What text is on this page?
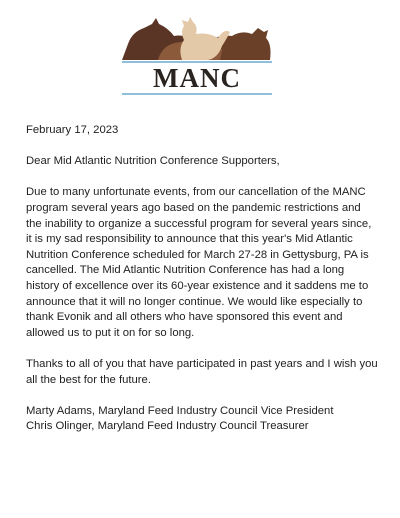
MANC

February 17, 2023

Dear Mid Atlantic Nutrition Conference Supporters,

Due to many unfortunate events, from our cancellation of the MANC program several years ago based on the pandemic restrictions and the inability to organize a successful program for several years since, it is my sad responsibility to announce that this year's Mid Atlantic Nutrition Conference scheduled for March 27-28 in Gettysburg, PA is cancelled. The Mid Atlantic Nutrition Conference has had a long history of excellence over its 60-year existence and it saddens me to announce that it will no longer continue. We would like especially to thank Evonik and all others who have sponsored this event and allowed us to put it on for so long.

Thanks to all of you that have participated in past years and I wish you all the best for the future.

Marty Adams, Maryland Feed Industry Council Vice President

Chris Olinger, Maryland Feed Industry Council Treasurer
